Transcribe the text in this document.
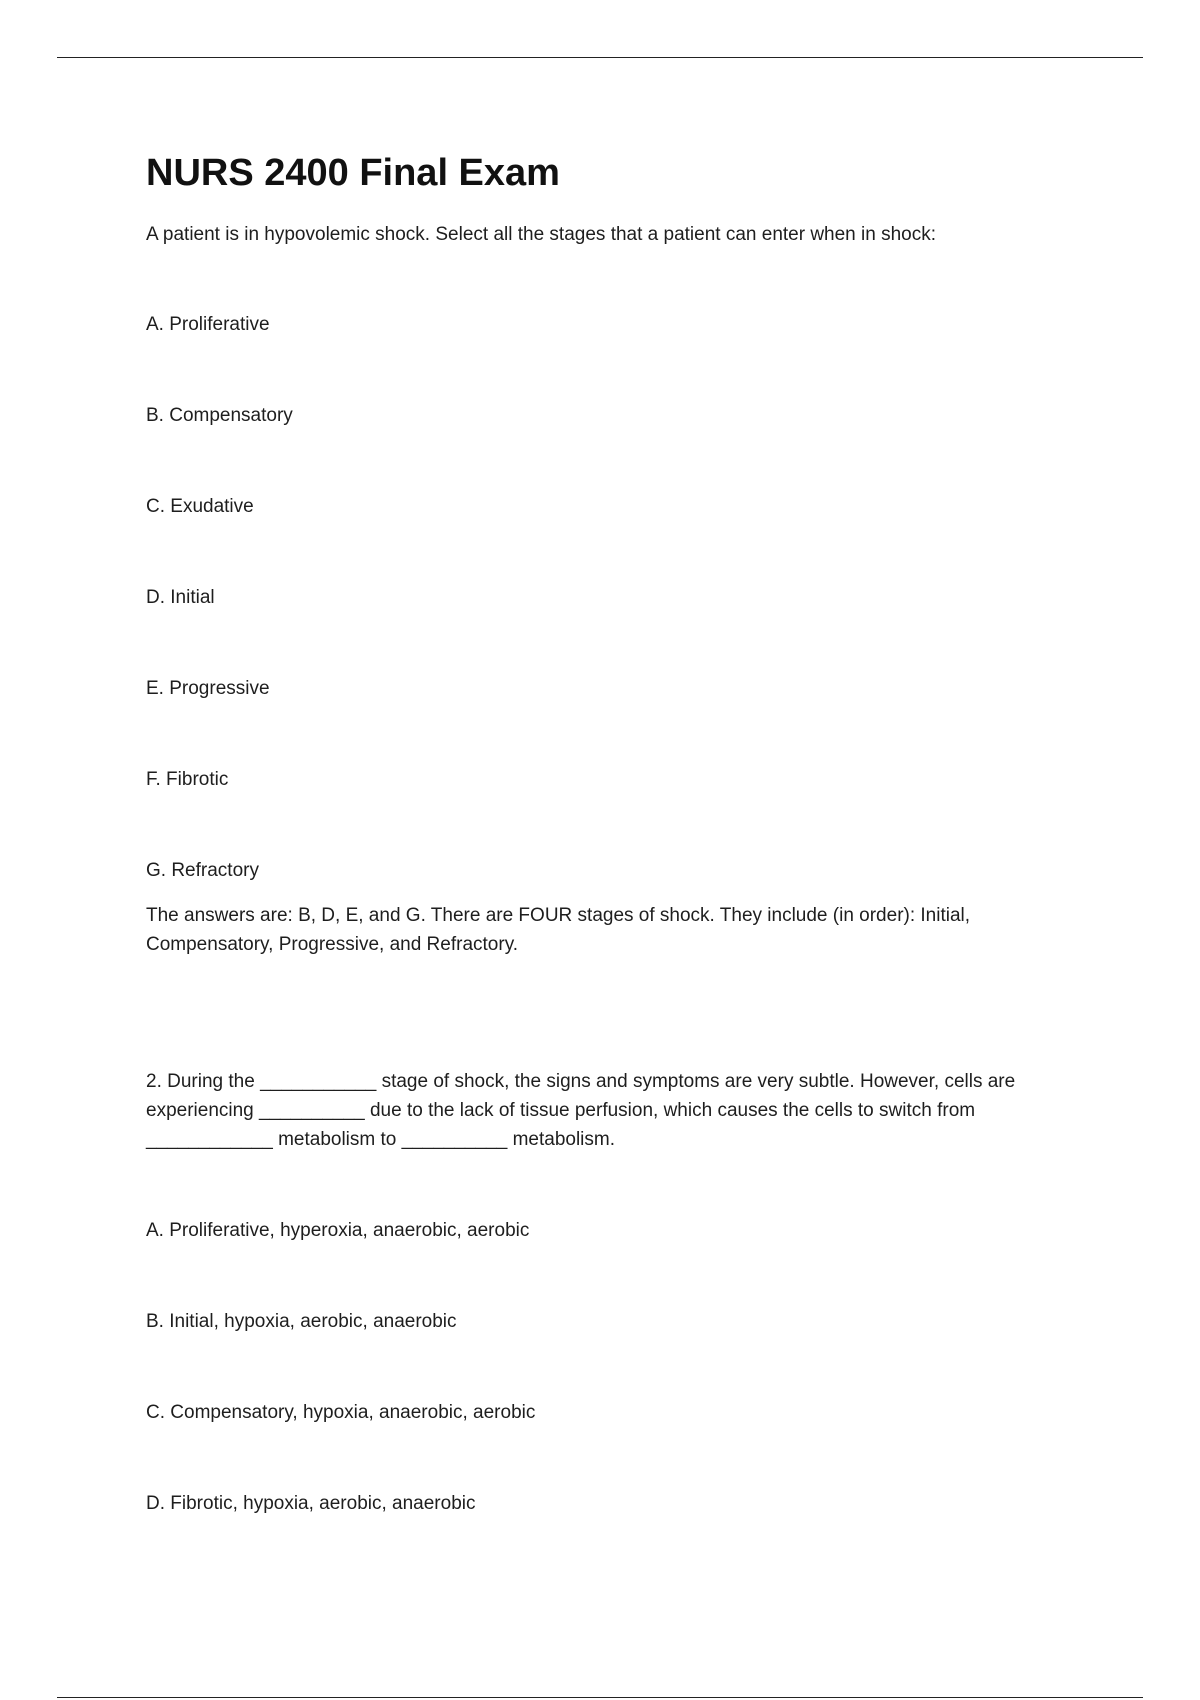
NURS 2400 Final Exam

A patient is in hypovolemic shock. Select all the stages that a patient can enter when in shock:

A. Proliferative

B. Compensatory

C. Exudative

D. Initial

E. Progressive

F. Fibrotic

G. Refractory

The answers are: B, D, E, and G. There are FOUR stages of shock. They include (in order): Initial, Compensatory, Progressive, and Refractory.

2. During the ___________ stage of shock, the signs and symptoms are very subtle. However, cells are

experiencing __________ due to the lack of tissue perfusion, which causes the cells to switch from

____________ metabolism to __________ metabolism.

A. Proliferative, hyperoxia, anaerobic, aerobic

B. Initial, hypoxia, aerobic, anaerobic

C. Compensatory, hypoxia, anaerobic, aerobic

D. Fibrotic, hypoxia, aerobic, anaerobic
